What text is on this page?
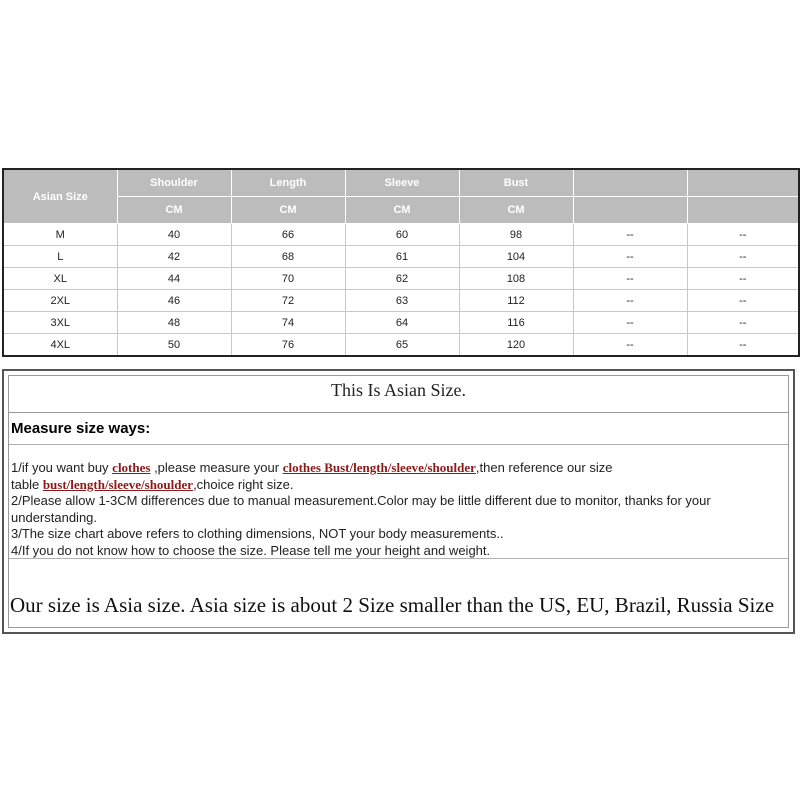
Asian Size	Shoulder	Length	Sleeve	Bust		
	CM	CM	CM	CM		
M	40	66	60	98	--	--
L	42	68	61	104	--	--
XL	44	70	62	108	--	--
2XL	46	72	63	112	--	--
3XL	48	74	64	116	--	--
4XL	50	76	65	120	--	--
This Is Asian Size.
Measure size ways:

1/if you want buy clothes ,please measure your clothes Bust/length/sleeve/shoulder,then reference our size

table bust/length/sleeve/shoulder,choice right size.

2/Please allow 1-3CM differences due to manual measurement.Color may be little different due to monitor, thanks for your understanding.

3/The size chart above refers to clothing dimensions, NOT your body measurements..

4/If you do not know how to choose the size. Please tell me your height and weight.

Our size is Asia size. Asia size is about 2 Size smaller than the US, EU, Brazil, Russia Size
